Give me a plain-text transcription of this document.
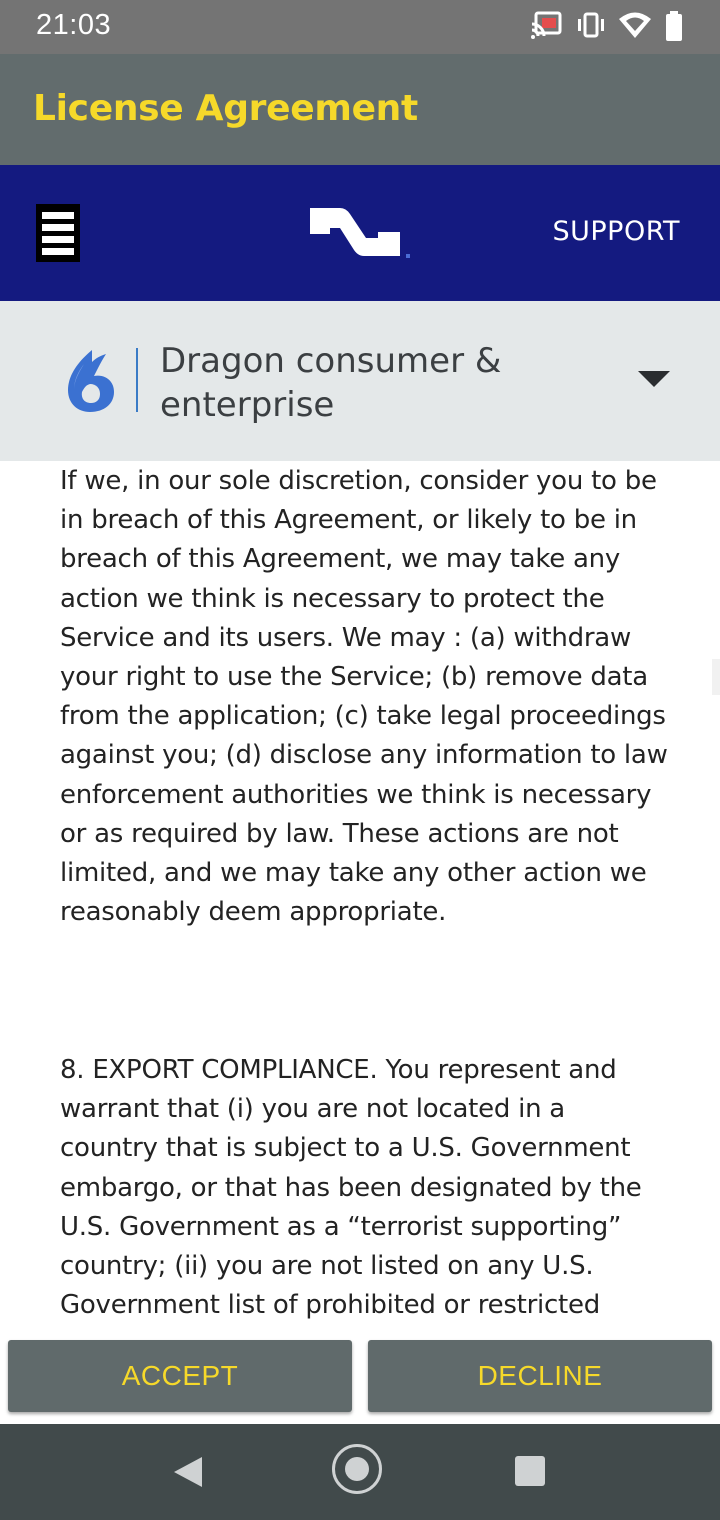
21:03
License Agreement
SUPPORT
Dragon consumer & enterprise

If we, in our sole discretion, consider you to be in breach of this Agreement, or likely to be in breach of this Agreement, we may take any action we think is necessary to protect the Service and its users. We may : (a) withdraw your right to use the Service; (b) remove data from the application; (c) take legal proceedings against you; (d) disclose any information to law enforcement authorities we think is necessary or as required by law. These actions are not limited, and we may take any other action we reasonably deem appropriate.

8. EXPORT COMPLIANCE. You represent and warrant that (i) you are not located in a country that is subject to a U.S. Government embargo, or that has been designated by the U.S. Government as a “terrorist supporting” country; (ii) you are not listed on any U.S. Government list of prohibited or restricted

ACCEPT	DECLINE
